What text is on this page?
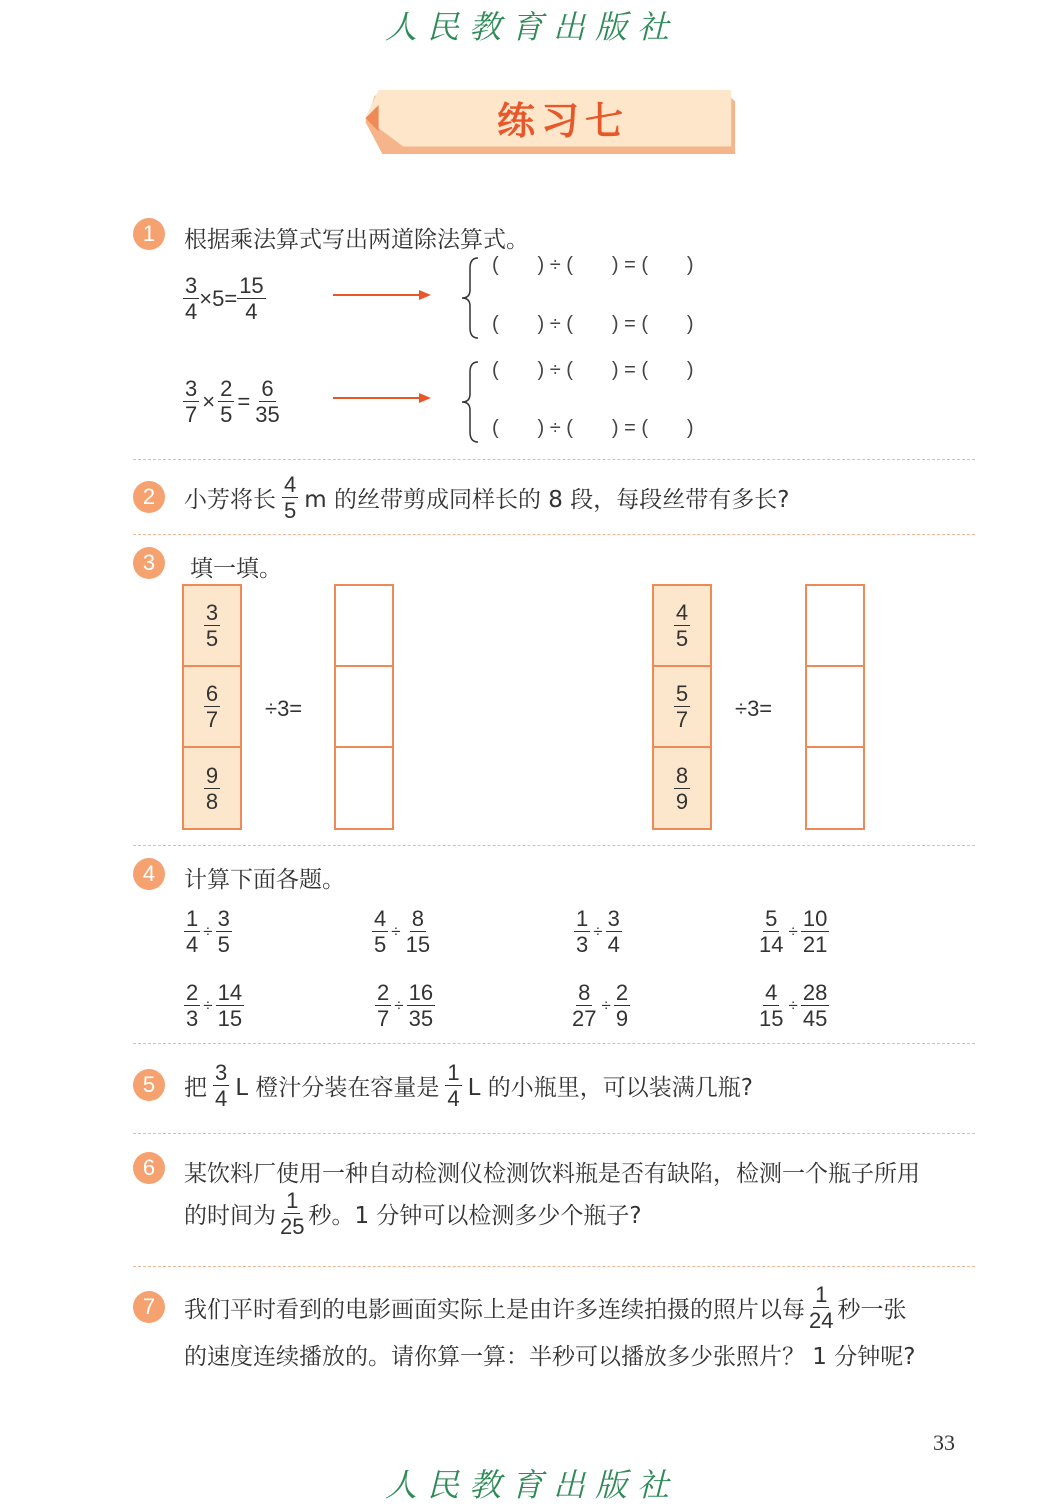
人民教育出版社
练习七
1	根据乘法算式写出两道除法算式。
$\frac{3}{4} \times 5= \frac{15}{4}$
(       ) ÷ (       ) = (       )
(       ) ÷ (       ) = (       )
$\frac{3}{7} \times \frac{2}{5} = \frac{6}{35}$
(       ) ÷ (       ) = (       )
(       ) ÷ (       ) = (       )
2	小芳将长 $\frac{4}{5}$ m 的丝带剪成同样长的 8 段，每段丝带有多长?
3	填一填。
$\frac{3}{5}$
$\frac{6}{7}$
$\frac{9}{8}$
÷3=
$\frac{4}{5}$
$\frac{5}{7}$
$\frac{8}{9}$
÷3=
4	计算下面各题。
$\frac{1}{4} \div \frac{3}{5}$	$\frac{4}{5} \div \frac{8}{15}$	$\frac{1}{3} \div \frac{3}{4}$	$\frac{5}{14} \div \frac{10}{21}$
$\frac{2}{3} \div \frac{14}{15}$	$\frac{2}{7} \div \frac{16}{35}$	$\frac{8}{27} \div \frac{2}{9}$	$\frac{4}{15} \div \frac{28}{45}$
5	把 $\frac{3}{4}$ L 橙汁分装在容量是 $\frac{1}{4}$ L 的小瓶里，可以装满几瓶?
6	某饮料厂使用一种自动检测仪检测饮料瓶是否有缺陷，检测一个瓶子所用
的时间为 $\frac{1}{25}$ 秒。1 分钟可以检测多少个瓶子?
7	我们平时看到的电影画面实际上是由许多连续拍摄的照片以每 $\frac{1}{24}$ 秒一张
的速度连续播放的。请你算一算：半秒可以播放多少张照片？ 1 分钟呢?
33
人民教育出版社
